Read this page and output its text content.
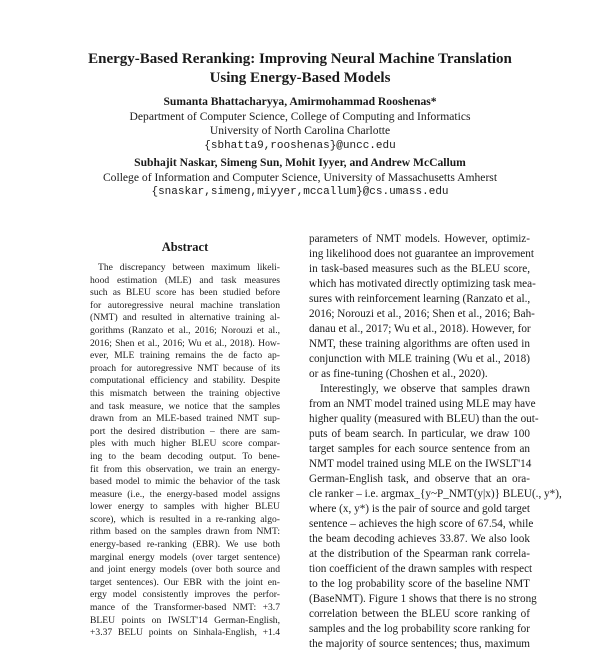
Energy-Based Reranking: Improving Neural Machine Translation
Using Energy-Based Models
Sumanta Bhattacharyya, Amirmohammad Rooshenas*
Department of Computer Science, College of Computing and Informatics
University of North Carolina Charlotte
{sbhatta9,rooshenas}@uncc.edu
Subhajit Naskar, Simeng Sun, Mohit Iyyer, and Andrew McCallum
College of Information and Computer Science, University of Massachusetts Amherst
{snaskar,simeng,miyyer,mccallum}@cs.umass.edu
Abstract
The discrepancy between maximum likeli-
hood estimation (MLE) and task measures
such as BLEU score has been studied before
for autoregressive neural machine translation
(NMT) and resulted in alternative training al-
gorithms (Ranzato et al., 2016; Norouzi et al.,
2016; Shen et al., 2016; Wu et al., 2018). How-
ever, MLE training remains the de facto ap-
proach for autoregressive NMT because of its
computational efficiency and stability. Despite
this mismatch between the training objective
and task measure, we notice that the samples
drawn from an MLE-based trained NMT sup-
port the desired distribution – there are sam-
ples with much higher BLEU score compar-
ing to the beam decoding output. To bene-
fit from this observation, we train an energy-
based model to mimic the behavior of the task
measure (i.e., the energy-based model assigns
lower energy to samples with higher BLEU
score), which is resulted in a re-ranking algo-
rithm based on the samples drawn from NMT:
energy-based re-ranking (EBR). We use both
marginal energy models (over target sentence)
and joint energy models (over both source and
target sentences). Our EBR with the joint en-
ergy model consistently improves the perfor-
mance of the Transformer-based NMT: +3.7
BLEU points on IWSLT'14 German-English,
+3.37 BELU points on Sinhala-English, +1.4
parameters of NMT models. However, optimiz-
ing likelihood does not guarantee an improvement
in task-based measures such as the BLEU score,
which has motivated directly optimizing task mea-
sures with reinforcement learning (Ranzato et al.,
2016; Norouzi et al., 2016; Shen et al., 2016; Bah-
danau et al., 2017; Wu et al., 2018). However, for
NMT, these training algorithms are often used in
conjunction with MLE training (Wu et al., 2018)
or as fine-tuning (Choshen et al., 2020).
Interestingly, we observe that samples drawn
from an NMT model trained using MLE may have
higher quality (measured with BLEU) than the out-
puts of beam search. In particular, we draw 100
target samples for each source sentence from an
NMT model trained using MLE on the IWSLT'14
German-English task, and observe that an ora-
cle ranker – i.e. argmax_{y~P_NMT(y|x)} BLEU(., y*),
where (x, y*) is the pair of source and gold target
sentence – achieves the high score of 67.54, while
the beam decoding achieves 33.87. We also look
at the distribution of the Spearman rank correla-
tion coefficient of the drawn samples with respect
to the log probability score of the baseline NMT
(BaseNMT). Figure 1 shows that there is no strong
correlation between the BLEU score ranking of
samples and the log probability score ranking for
the majority of source sentences; thus, maximum
